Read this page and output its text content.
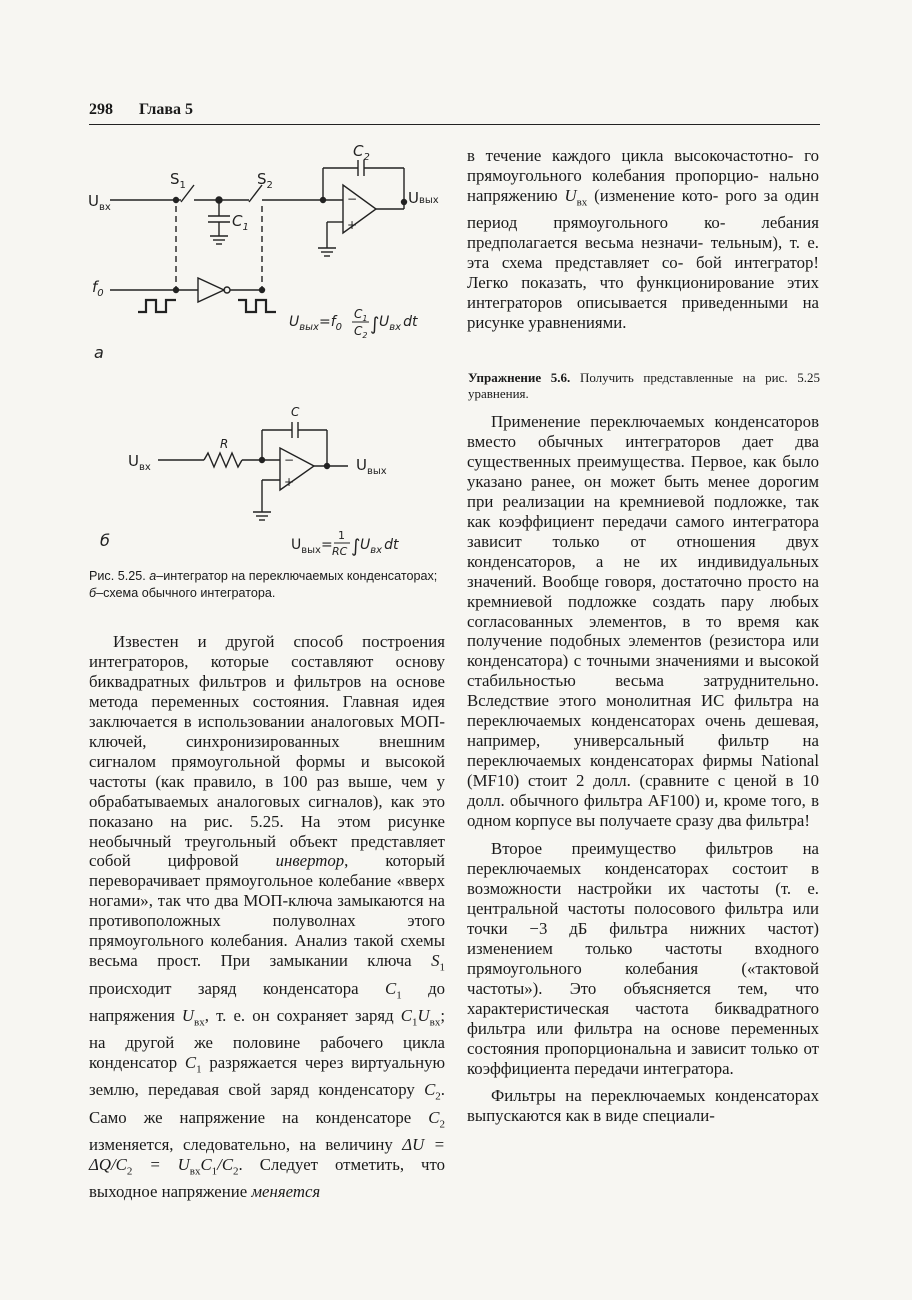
298 Глава 5
$U_{вх}$
Uвых
$S_1$	$S_2$
$C_1$
$C_2$
$f_0$
−
+
$U_{вых}=f_0$
$C_1$
$C_2$
∫ $U_{вх}$ dt
а
$U_{вх}$	$U_{вых}$
R
C
−
+
$U_{вых}=$
1
RC ∫ $U_{вх}$ dt
б
Рис. 5.25. а–интегратор на переключаемых конденсаторах; б–схема обычного интегратора.

в течение каждого цикла высокочастотно- го прямоугольного колебания пропорцио- нально напряжению $U_{вх}$ (изменение кото- рого за один период прямоугольного ко- лебания предполагается весьма незначи- тельным), т. е. эта схема представляет со- бой интегратор! Легко показать, что функционирование этих интеграторов описывается приведенными на рисунке уравнениями.

Упражнение 5.6. Получить представленные на рис. 5.25 уравнения.

Известен и другой способ построения интеграторов, которые составляют основу биквадратных фильтров и фильтров на основе метода переменных состояния. Главная идея заключается в использовании аналоговых МОП-ключей, синхронизированных внешним сигналом прямоугольной формы и высокой частоты (как правило, в 100 раз выше, чем у обрабатываемых аналоговых сигналов), как это показано на рис. 5.25. На этом рисунке необычный треугольный объект представляет собой цифровой инвертор, который переворачивает прямоугольное колебание «вверх ногами», так что два МОП-ключа замыкаются на противоположных полуволнах этого прямоугольного колебания. Анализ такой схемы весьма прост. При замыкании ключа $S_1$ происходит заряд конденсатора $C_1$ до напряжения $U_{вх}$, т. е. он сохраняет заряд $C_1U_{вх}$; на другой же половине рабочего цикла конденсатор $C_1$ разряжается через виртуальную землю, передавая свой заряд конденсатору $C_2$. Само же напряжение на конденсаторе $C_2$ изменяется, следовательно, на величину $\Delta U = \Delta Q/C_2 = U_{вх}C_1/C_2$. Следует отметить, что выходное напряжение меняется

Применение переключаемых конденсаторов вместо обычных интеграторов дает два существенных преимущества. Первое, как было указано ранее, он может быть менее дорогим при реализации на кремниевой подложке, так как коэффициент передачи самого интегратора зависит только от отношения двух конденсаторов, а не их индивидуальных значений. Вообще говоря, достаточно просто на кремниевой подложке создать пару любых согласованных элементов, в то время как получение подобных элементов (резистора или конденсатора) с точными значениями и высокой стабильностью весьма затруднительно. Вследствие этого монолитная ИС фильтра на переключаемых конденсаторах очень дешевая, например, универсальный фильтр на переключаемых конденсаторах фирмы National (MF10) стоит 2 долл. (сравните с ценой в 10 долл. обычного фильтра AF100) и, кроме того, в одном корпусе вы получаете сразу два фильтра!

Второе преимущество фильтров на переключаемых конденсаторах состоит в возможности настройки их частоты (т. е. центральной частоты полосового фильтра или точки −3 дБ фильтра нижних частот) изменением только частоты входного прямоугольного колебания («тактовой частоты»). Это объясняется тем, что характеристическая частота биквадратного фильтра или фильтра на основе переменных состояния пропорциональна и зависит только от коэффициента передачи интегратора.

Фильтры на переключаемых конденсаторах выпускаются как в виде специали-
